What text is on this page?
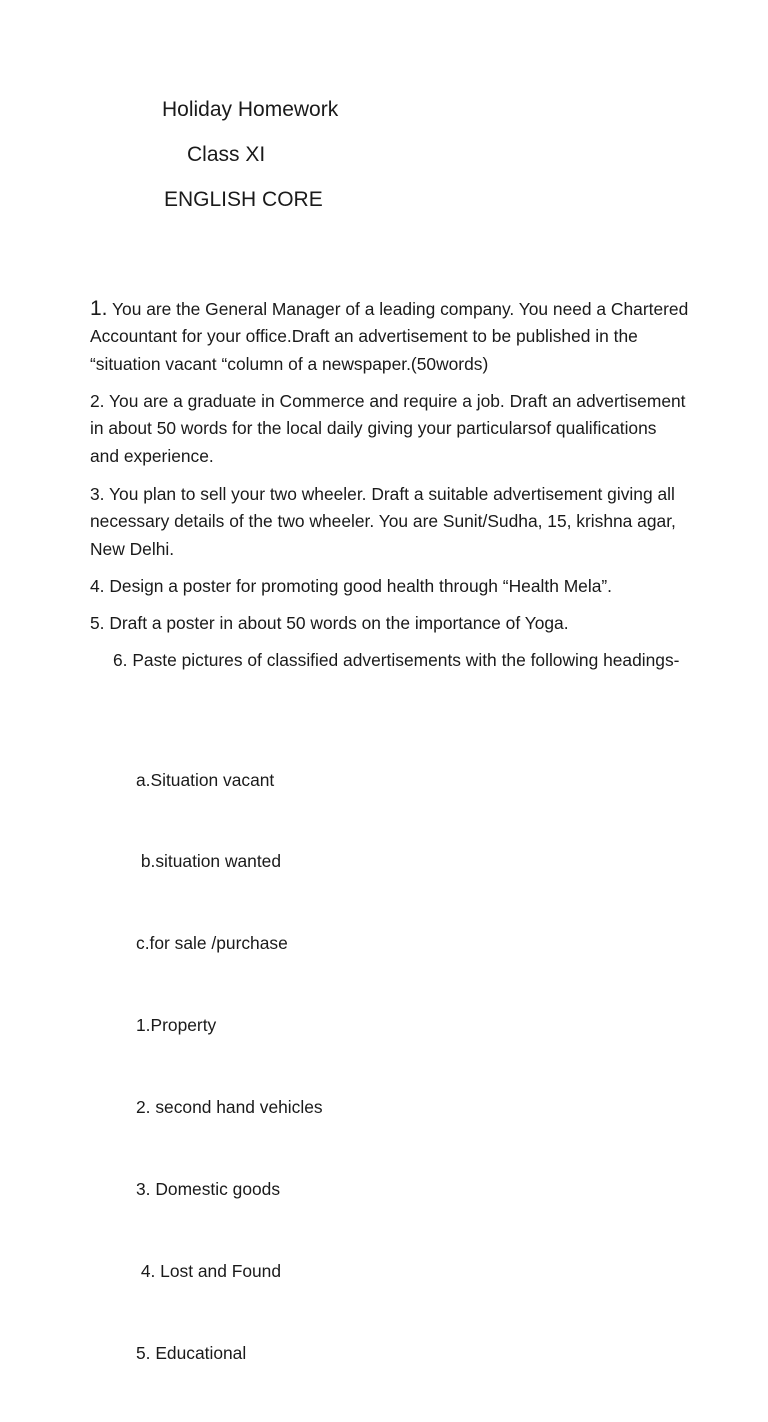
Holiday Homework
Class XI
ENGLISH CORE
1. You are the General Manager of a leading company. You need a Chartered Accountant for your office.Draft an advertisement to be published in the “situation vacant “column of a newspaper.(50words)
2. You are a graduate in Commerce and require a job. Draft an advertisement in about 50 words for the local daily giving your particularsof qualifications and experience.
3. You plan to sell your two wheeler. Draft a suitable advertisement giving all necessary details of the two wheeler. You are Sunit/Sudha, 15, krishna agar, New Delhi.
4. Design a poster for promoting good health through “Health Mela”.
5. Draft a poster in about 50 words on the importance of Yoga.
6. Paste pictures of classified advertisements with the following headings-

a.Situation vacant

b.situation wanted

c.for sale /purchase

1.Property

2. second hand vehicles

3. Domestic goods

4. Lost and Found

5. Educational
